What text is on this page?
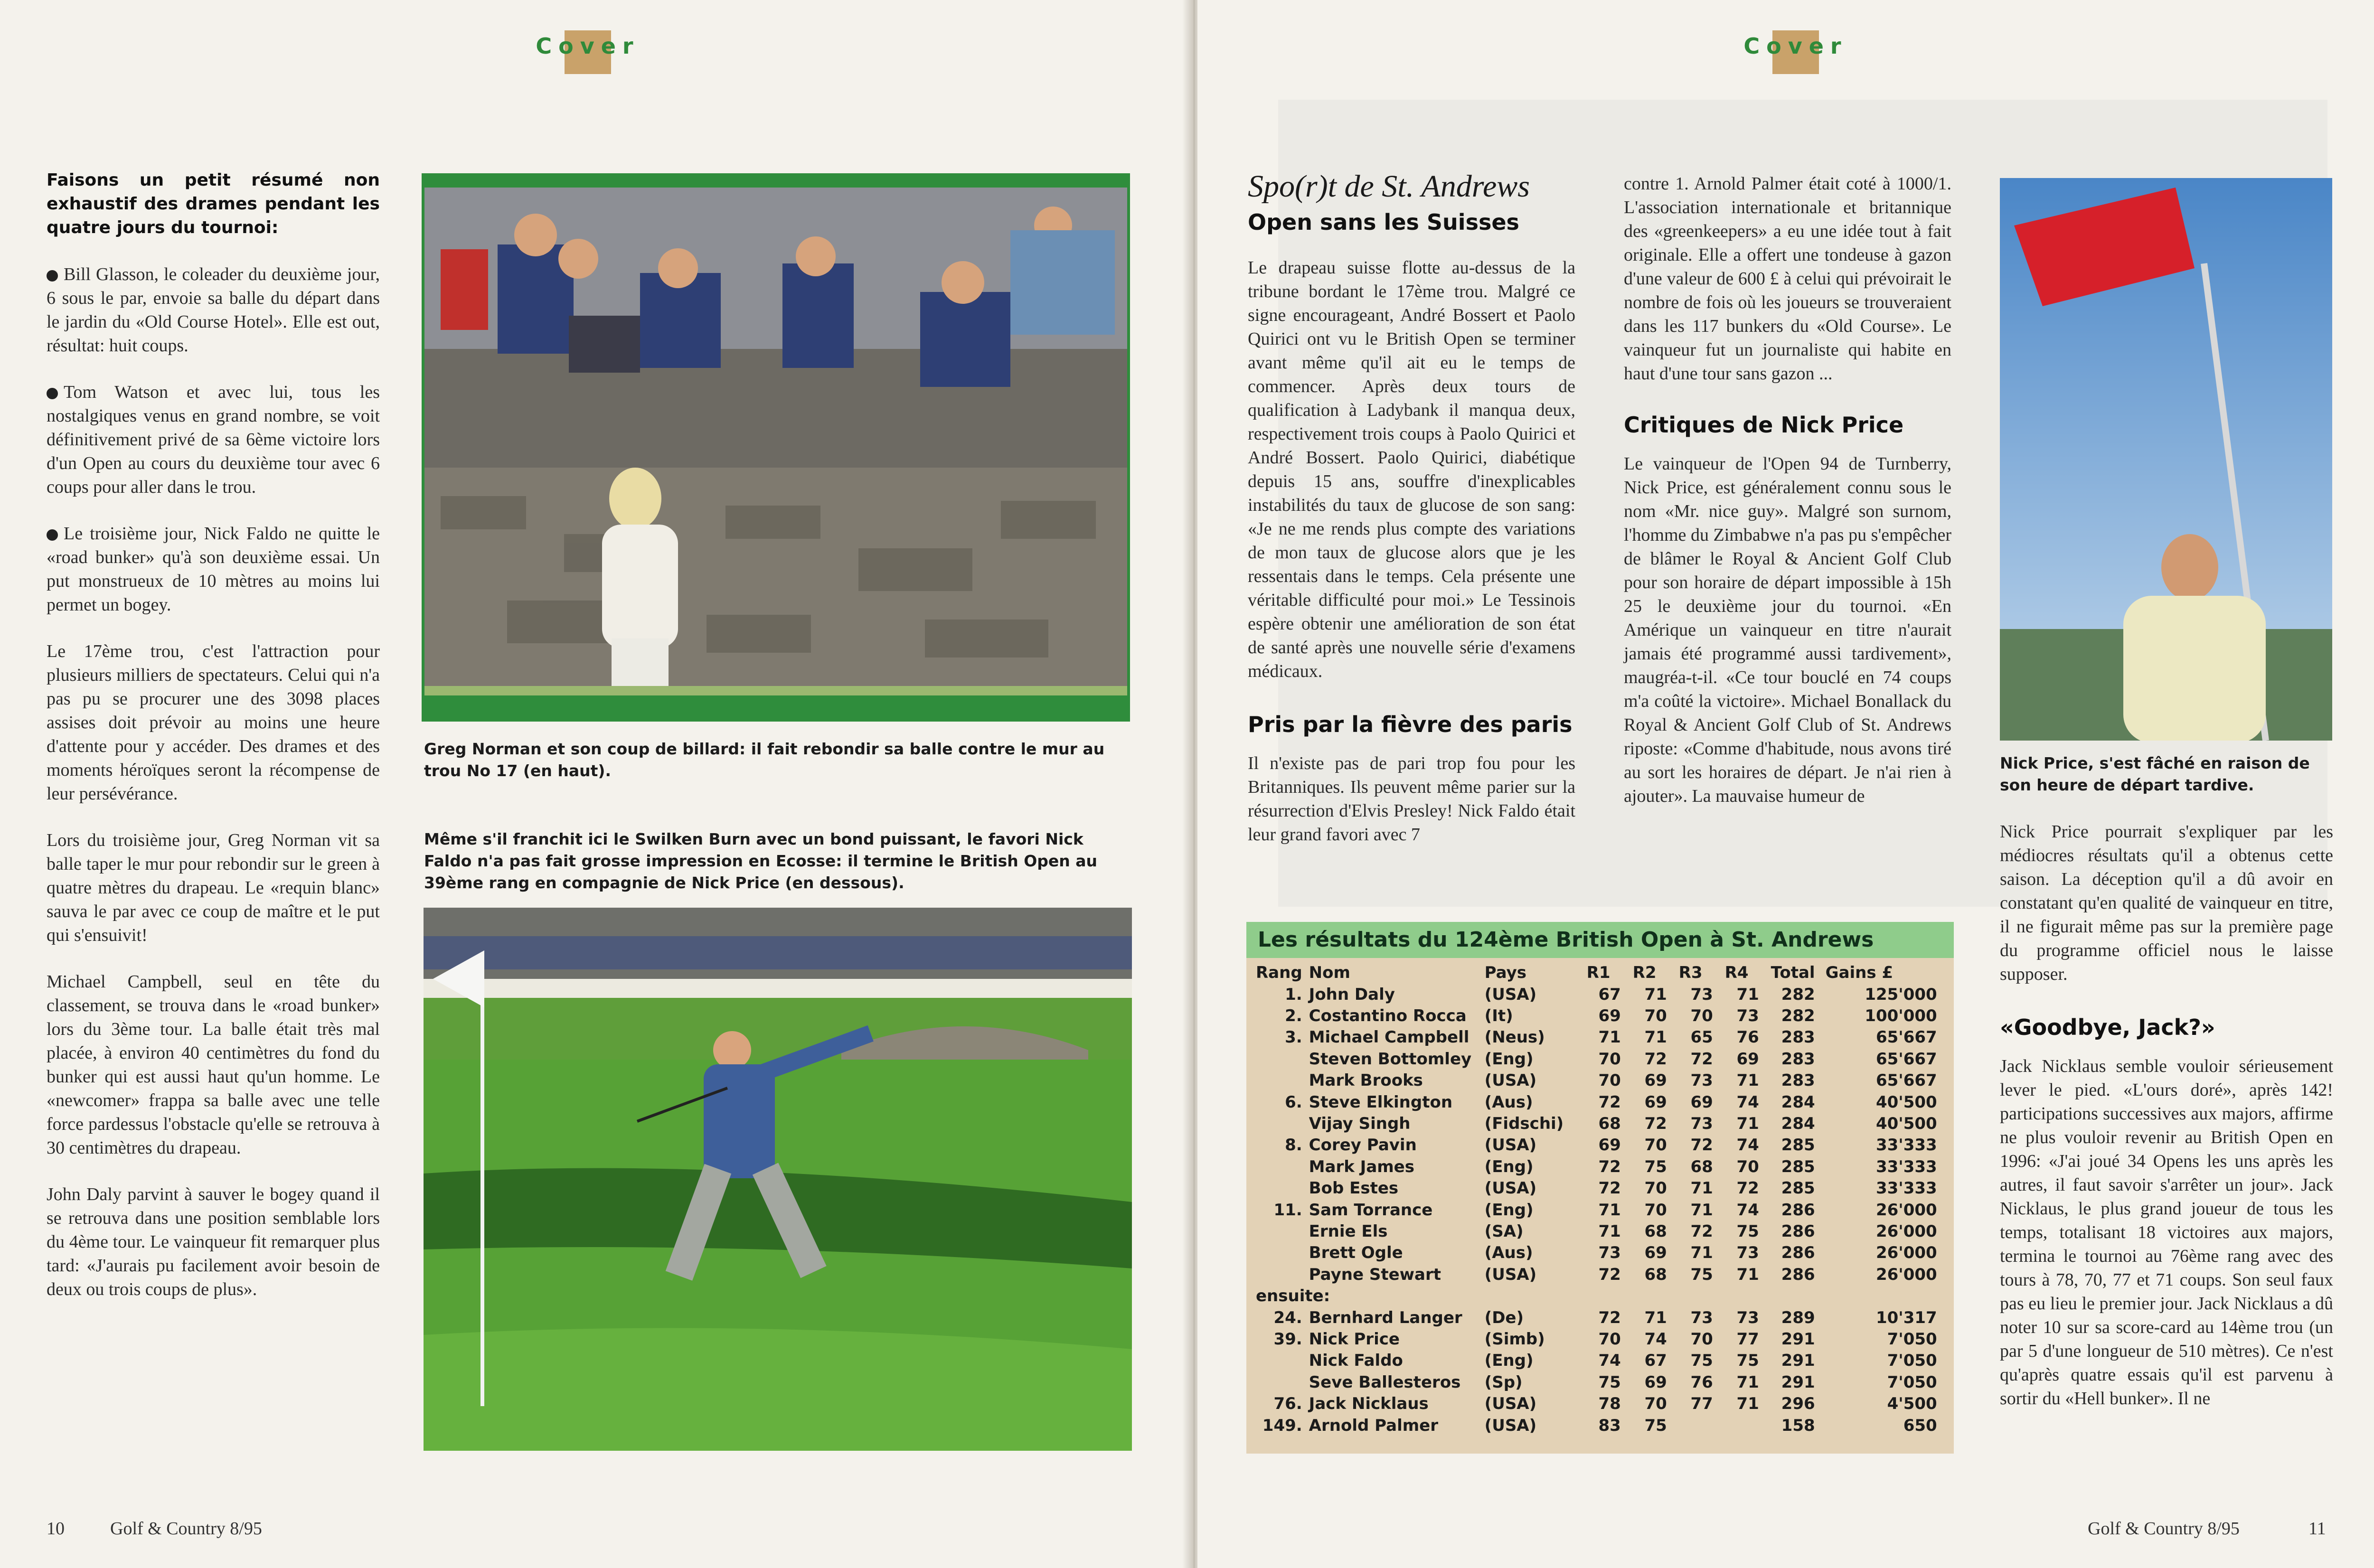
Cover

Faisons un petit résumé non exhaustif des drames pendant les quatre jours du tournoi:

Bill Glasson, le coleader du deuxième jour, 6 sous le par, envoie sa balle du départ dans le jardin du «Old Course Hotel». Elle est out, résultat: huit coups.

Tom Watson et avec lui, tous les nostalgiques venus en grand nombre, se voit définitivement privé de sa 6ème victoire lors d'un Open au cours du deuxième tour avec 6 coups pour aller dans le trou.

Le troisième jour, Nick Faldo ne quitte le «road bunker» qu'à son deuxième essai. Un put monstrueux de 10 mètres au moins lui permet un bogey.

Le 17ème trou, c'est l'attraction pour plusieurs milliers de spectateurs. Celui qui n'a pas pu se procurer une des 3098 places assises doit prévoir au moins une heure d'attente pour y accéder. Des drames et des moments héroïques seront la récompense de leur persévérance.

Lors du troisième jour, Greg Norman vit sa balle taper le mur pour rebondir sur le green à quatre mètres du drapeau. Le «requin blanc» sauva le par avec ce coup de maître et le put qui s'ensuivit!

Michael Campbell, seul en tête du classement, se trouva dans le «road bunker» lors du 3ème tour. La balle était très mal placée, à environ 40 centimètres du fond du bunker qui est aussi haut qu'un homme. Le «newcomer» frappa sa balle avec une telle force pardessus l'obstacle qu'elle se retrouva à 30 centimètres du drapeau.

John Daly parvint à sauver le bogey quand il se retrouva dans une position semblable lors du 4ème tour. Le vainqueur fit remarquer plus tard: «J'aurais pu facilement avoir besoin de deux ou trois coups de plus».

Greg Norman et son coup de billard: il fait rebondir sa balle contre le mur au trou No 17 (en haut).
Même s'il franchit ici le Swilken Burn avec un bond puissant, le favori Nick Faldo n'a pas fait grosse impression en Ecosse: il termine le British Open au 39ème rang en compagnie de Nick Price (en dessous).
10	Golf & Country 8/95
Cover
Spo(r)t de St. Andrews
Open sans les Suisses
Le drapeau suisse flotte au-dessus de la tribune bordant le 17ème trou. Malgré ce signe encourageant, André Bossert et Paolo Quirici ont vu le British Open se terminer avant même qu'il ait eu le temps de commencer. Après deux tours de qualification à Ladybank il manqua deux, respectivement trois coups à Paolo Quirici et André Bossert. Paolo Quirici, diabétique depuis 15 ans, souffre d'inexplicables instabilités du taux de glucose de son sang: «Je ne me rends plus compte des variations de mon taux de glucose alors que je les ressentais dans le temps. Cela présente une véritable difficulté pour moi.» Le Tessinois espère obtenir une amélioration de son état de santé après une nouvelle série d'examens médicaux.
Pris par la fièvre des paris
Il n'existe pas de pari trop fou pour les Britanniques. Ils peuvent même parier sur la résurrection d'Elvis Presley! Nick Faldo était leur grand favori avec 7
contre 1. Arnold Palmer était coté à 1000/1. L'association internationale et britannique des «greenkeepers» a eu une idée tout à fait originale. Elle a offert une tondeuse à gazon d'une valeur de 600 £ à celui qui prévoirait le nombre de fois où les joueurs se trouveraient dans les 117 bunkers du «Old Course». Le vainqueur fut un journaliste qui habite en haut d'une tour sans gazon ...
Critiques de Nick Price
Le vainqueur de l'Open 94 de Turnberry, Nick Price, est généralement connu sous le nom «Mr. nice guy». Malgré son surnom, l'homme du Zimbabwe n'a pas pu s'empêcher de blâmer le Royal & Ancient Golf Club pour son horaire de départ impossible à 15h 25 le deuxième jour du tournoi. «En Amérique un vainqueur en titre n'aurait jamais été programmé aussi tardivement», maugréa-t-il. «Ce tour bouclé en 74 coups m'a coûté la victoire». Michael Bonallack du Royal & Ancient Golf Club of St. Andrews riposte: «Comme d'habitude, nous avons tiré au sort les horaires de départ. Je n'ai rien à ajouter». La mauvaise humeur de
Nick Price, s'est fâché en raison de son heure de départ tardive.
Nick Price pourrait s'expliquer par les médiocres résultats qu'il a obtenus cette saison. La déception qu'il a dû avoir en constatant qu'en qualité de vainqueur en titre, il ne figurait même pas sur la première page du programme officiel nous le laisse supposer.
«Goodbye, Jack?»
Jack Nicklaus semble vouloir sérieusement lever le pied. «L'ours doré», après 142! participations successives aux majors, affirme ne plus vouloir revenir au British Open en 1996: «J'ai joué 34 Opens les uns après les autres, il faut savoir s'arrêter un jour». Jack Nicklaus, le plus grand joueur de tous les temps, totalisant 18 victoires aux majors, termina le tournoi au 76ème rang avec des tours à 78, 70, 77 et 71 coups. Son seul faux pas eu lieu le premier jour. Jack Nicklaus a dû noter 10 sur sa score-card au 14ème trou (un par 5 d'une longueur de 510 mètres). Ce n'est qu'après quatre essais qu'il est parvenu à sortir du «Hell bunker». Il ne
Golf & Country 8/95	11
Les résultats du 124ème British Open à St. Andrews
Rang	Nom	Pays	R1	R2	R3	R4	Total	Gains £
1.	John Daly	(USA)	67	71	73	71	282	125'000
2.	Costantino Rocca	(It)	69	70	70	73	282	100'000
3.	Michael Campbell	(Neus)	71	71	65	76	283	65'667
	Steven Bottomley	(Eng)	70	72	72	69	283	65'667
	Mark Brooks	(USA)	70	69	73	71	283	65'667
6.	Steve Elkington	(Aus)	72	69	69	74	284	40'500
	Vijay Singh	(Fidschi)	68	72	73	71	284	40'500
8.	Corey Pavin	(USA)	69	70	72	74	285	33'333
	Mark James	(Eng)	72	75	68	70	285	33'333
	Bob Estes	(USA)	72	70	71	72	285	33'333
11.	Sam Torrance	(Eng)	71	70	71	74	286	26'000
	Ernie Els	(SA)	71	68	72	75	286	26'000
	Brett Ogle	(Aus)	73	69	71	73	286	26'000
	Payne Stewart	(USA)	72	68	75	71	286	26'000
ensuite:								
24.	Bernhard Langer	(De)	72	71	73	73	289	10'317
39.	Nick Price	(Simb)	70	74	70	77	291	7'050
	Nick Faldo	(Eng)	74	67	75	75	291	7'050
	Seve Ballesteros	(Sp)	75	69	76	71	291	7'050
76.	Jack Nicklaus	(USA)	78	70	77	71	296	4'500
149.	Arnold Palmer	(USA)	83	75			158	650
